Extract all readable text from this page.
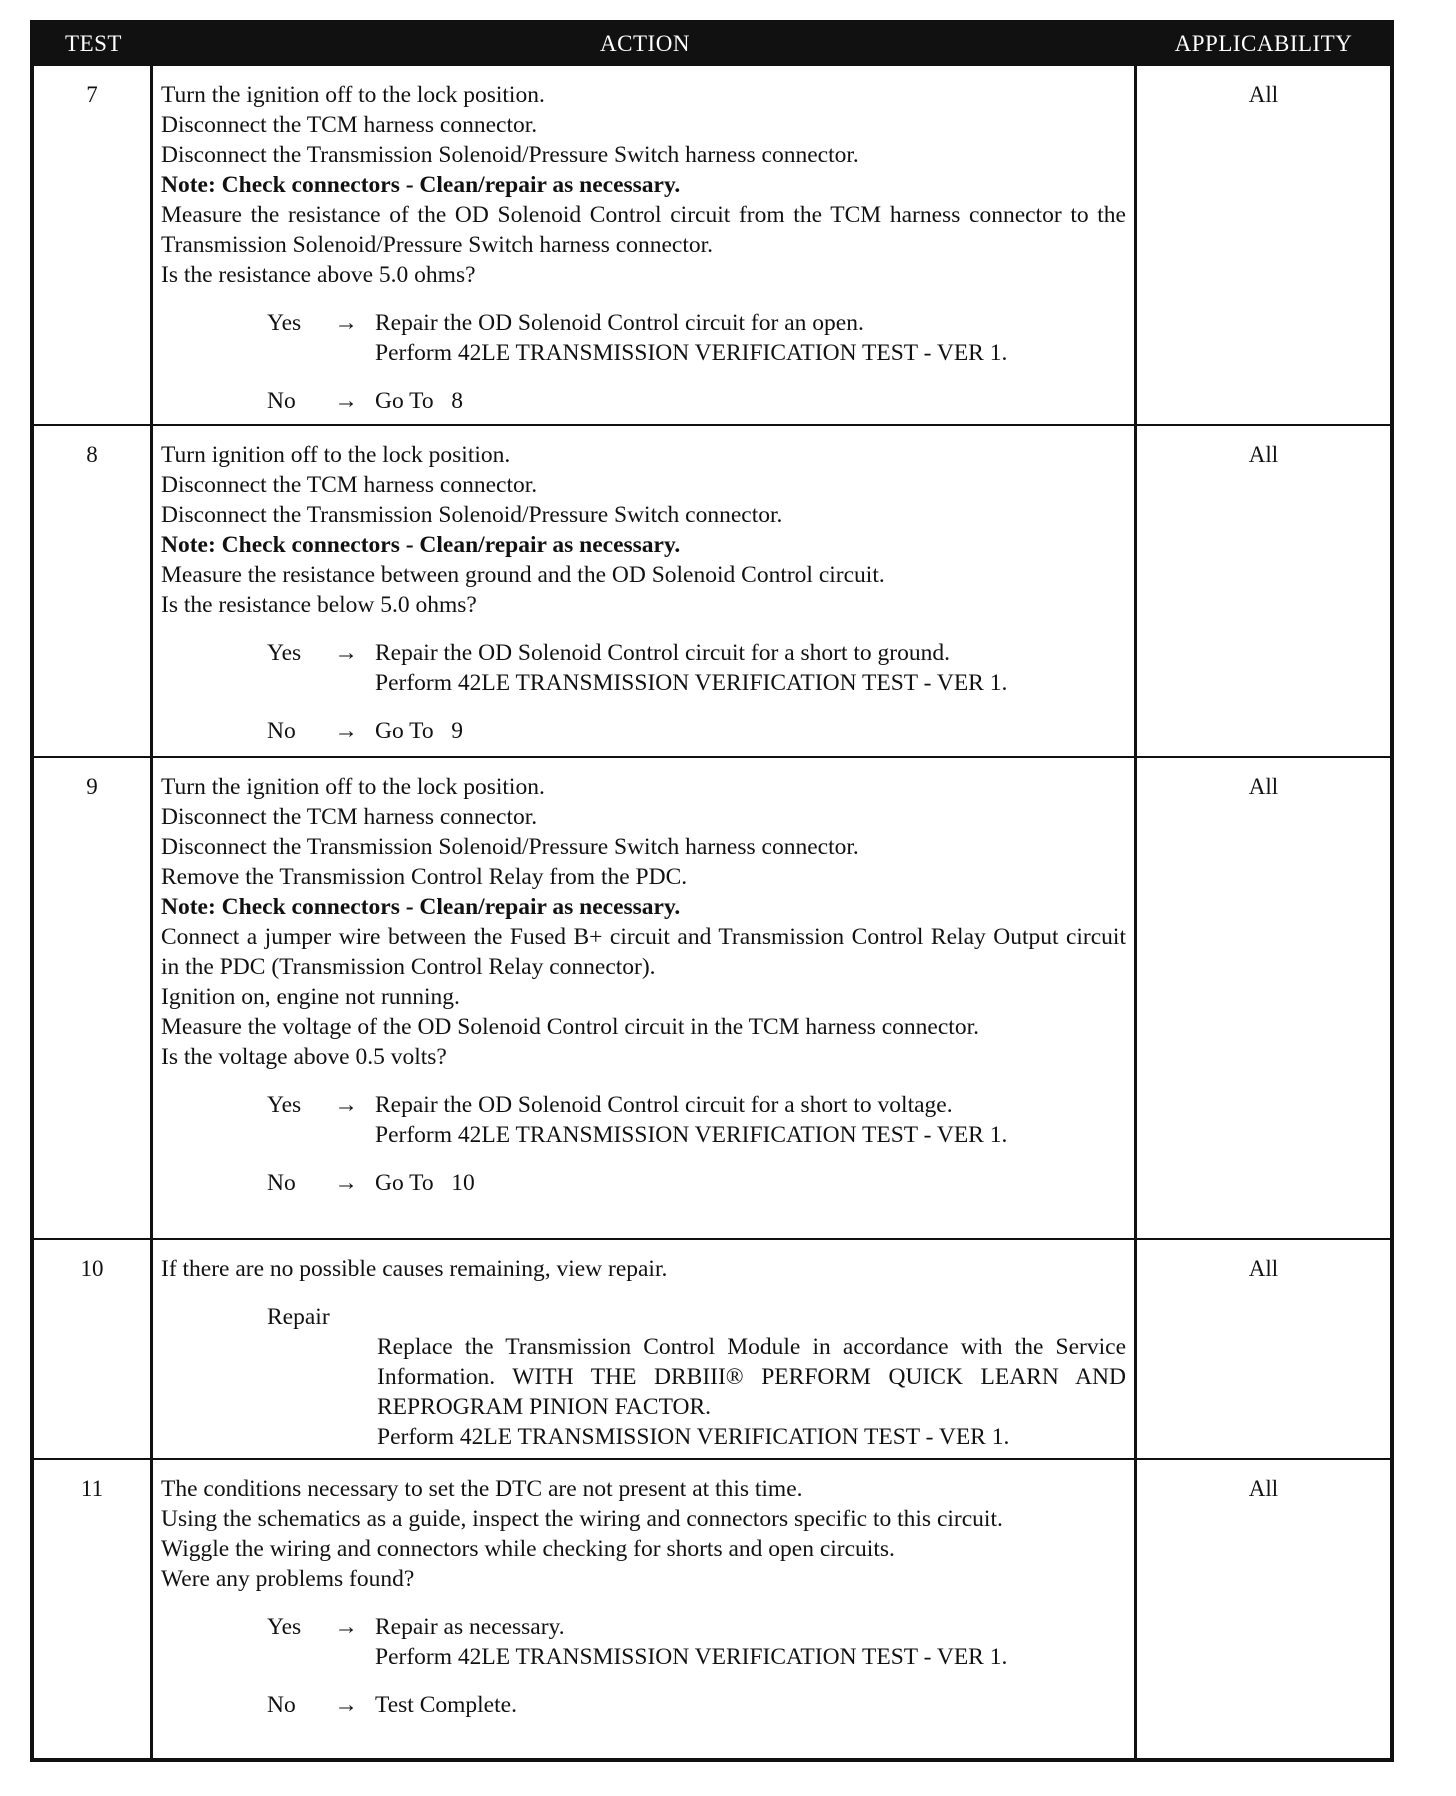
TEST	ACTION	APPLICABILITY
7	Turn the ignition off to the lock position.
Disconnect the TCM harness connector.
Disconnect the Transmission Solenoid/Pressure Switch harness connector.
Note: Check connectors - Clean/repair as necessary.
Measure the resistance of the OD Solenoid Control circuit from the TCM harness connector to the Transmission Solenoid/Pressure Switch harness connector.
Is the resistance above 5.0 ohms?
Yes	→ Repair the OD Solenoid Control circuit for an open.
Perform 42LE TRANSMISSION VERIFICATION TEST - VER 1.
No	→ Go To   8
All
8	Turn ignition off to the lock position.
Disconnect the TCM harness connector.
Disconnect the Transmission Solenoid/Pressure Switch connector.
Note: Check connectors - Clean/repair as necessary.
Measure the resistance between ground and the OD Solenoid Control circuit.
Is the resistance below 5.0 ohms?
Yes	→ Repair the OD Solenoid Control circuit for a short to ground.
Perform 42LE TRANSMISSION VERIFICATION TEST - VER 1.
No	→ Go To   9
All
9	Turn the ignition off to the lock position.
Disconnect the TCM harness connector.
Disconnect the Transmission Solenoid/Pressure Switch harness connector.
Remove the Transmission Control Relay from the PDC.
Note: Check connectors - Clean/repair as necessary.
Connect a jumper wire between the Fused B+ circuit and Transmission Control Relay Output circuit in the PDC (Transmission Control Relay connector).
Ignition on, engine not running.
Measure the voltage of the OD Solenoid Control circuit in the TCM harness connector.
Is the voltage above 0.5 volts?
Yes	→ Repair the OD Solenoid Control circuit for a short to voltage.
Perform 42LE TRANSMISSION VERIFICATION TEST - VER 1.
No	→ Go To   10
All
10	If there are no possible causes remaining, view repair.
Repair
Replace the Transmission Control Module in accordance with the Service Information. WITH THE DRBIII® PERFORM QUICK LEARN AND REPROGRAM PINION FACTOR.
Perform 42LE TRANSMISSION VERIFICATION TEST - VER 1.
All
11	The conditions necessary to set the DTC are not present at this time.
Using the schematics as a guide, inspect the wiring and connectors specific to this circuit.
Wiggle the wiring and connectors while checking for shorts and open circuits.
Were any problems found?
Yes	→ Repair as necessary.
Perform 42LE TRANSMISSION VERIFICATION TEST - VER 1.
No	→ Test Complete.
All
